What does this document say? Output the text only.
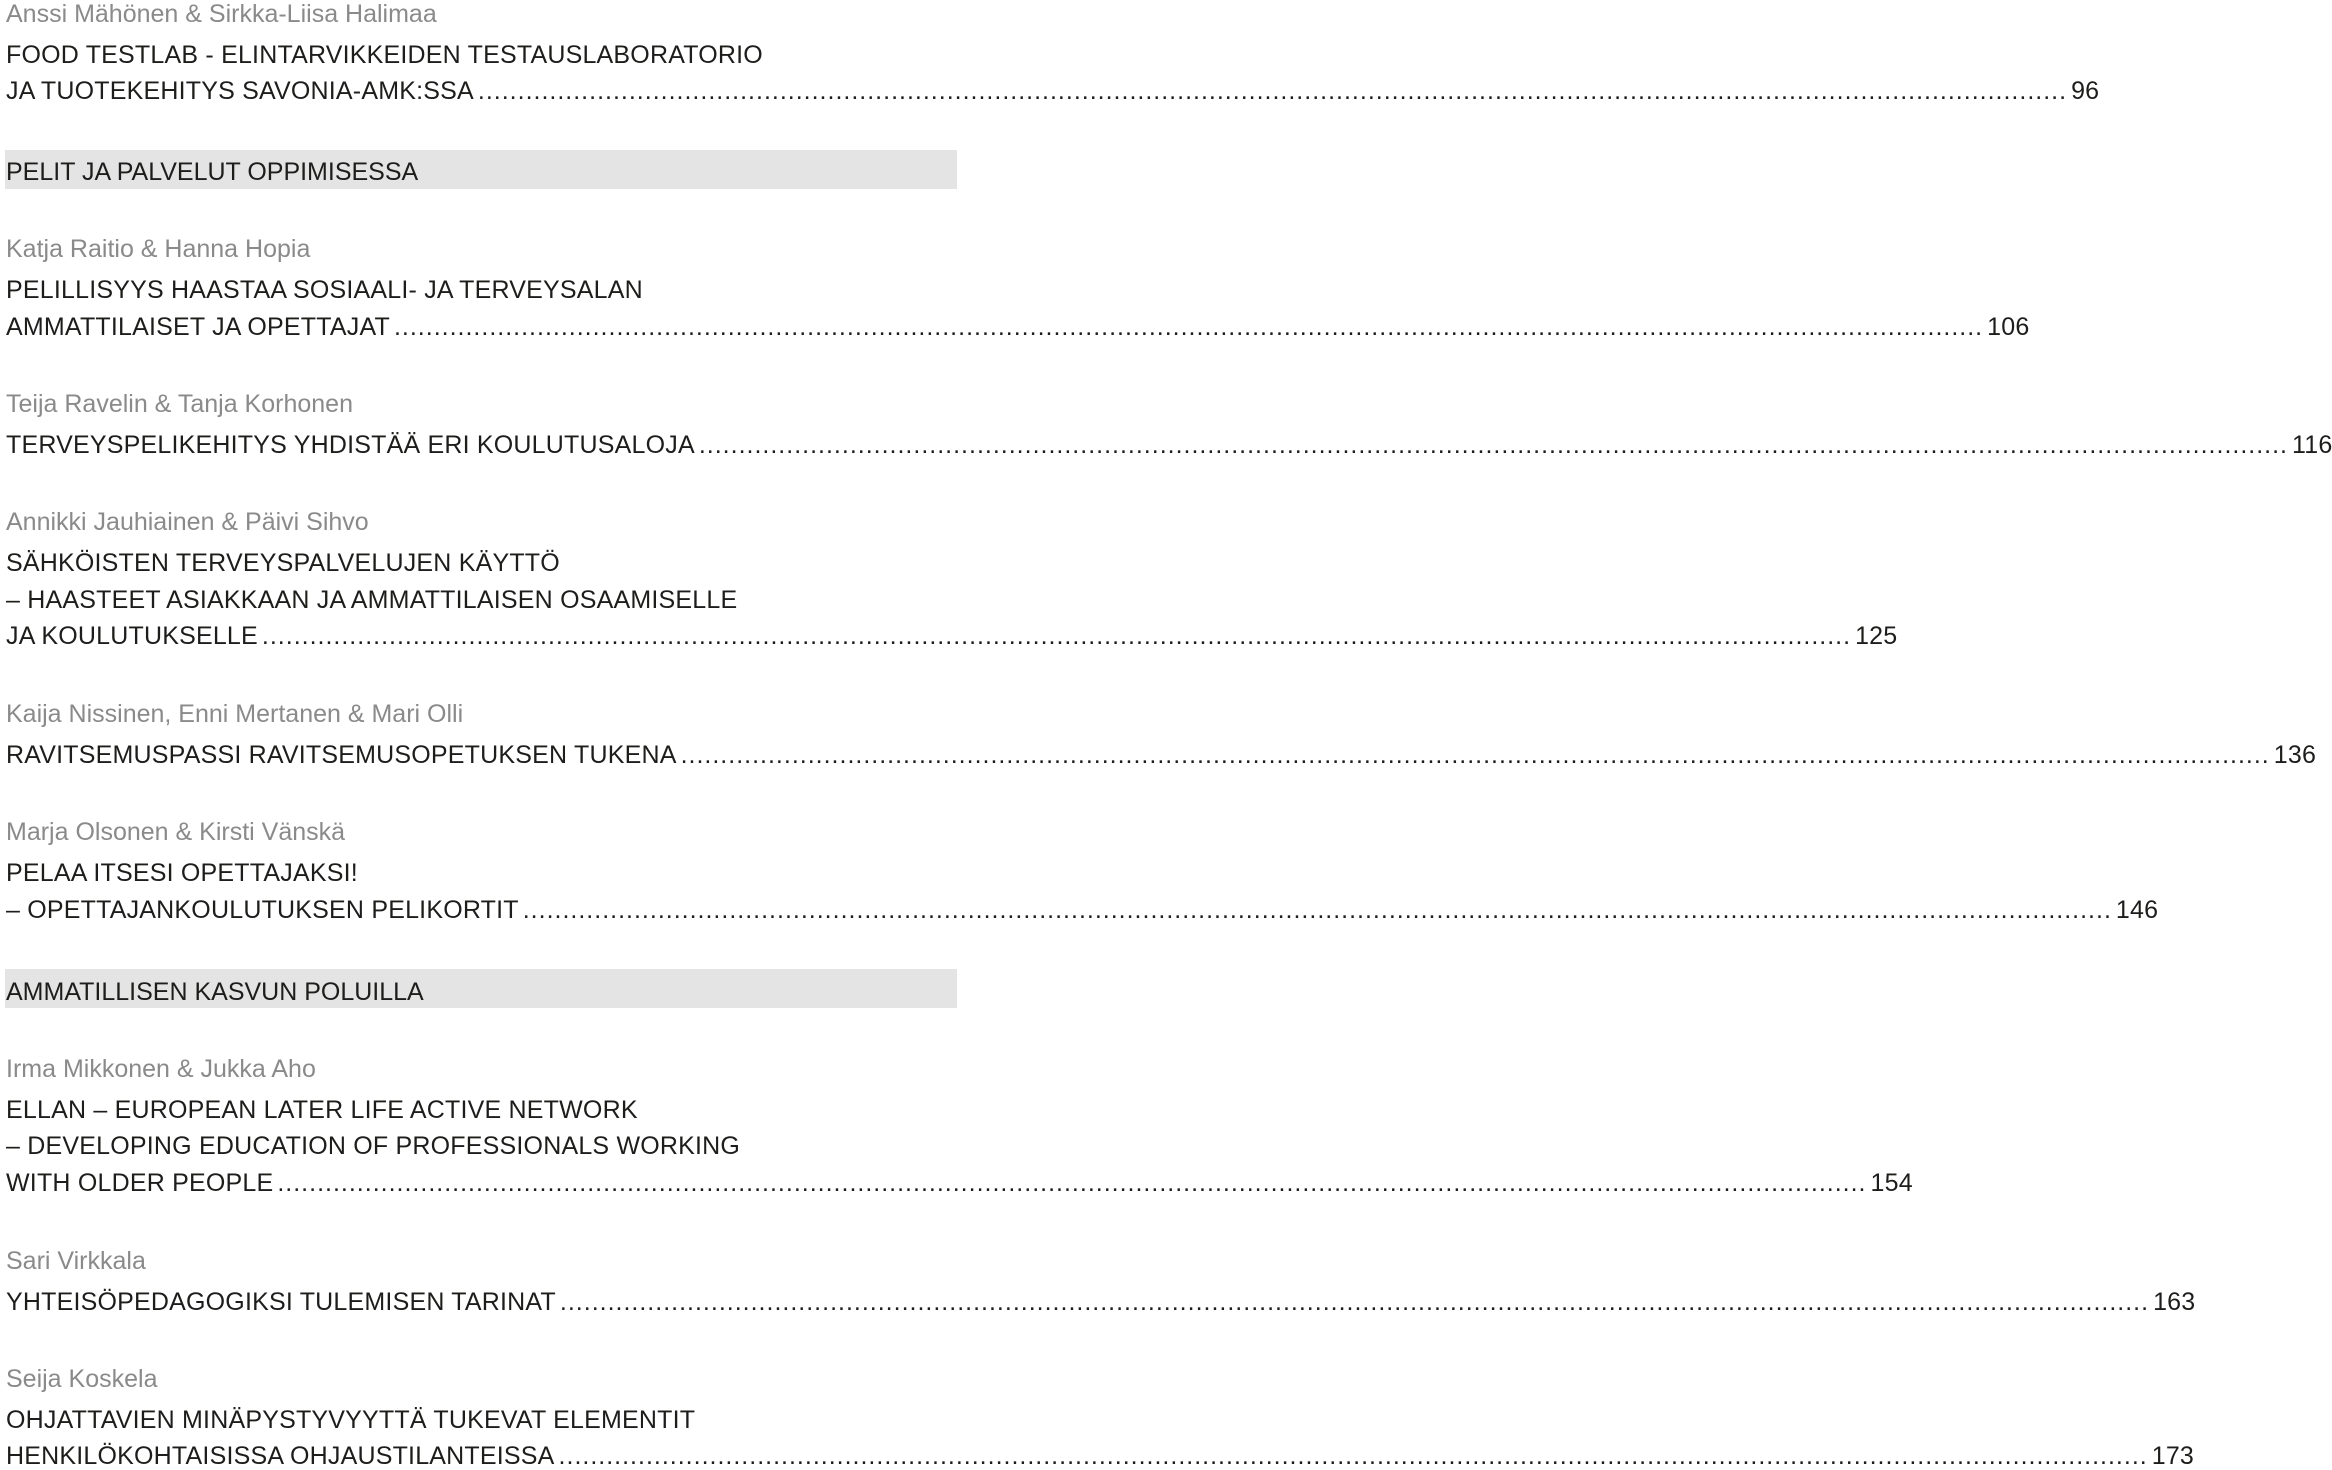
Anssi Mähönen & Sirkka-Liisa Halimaa
FOOD TESTLAB - ELINTARVIKKEIDEN TESTAUSLABORATORIO
JA TUOTEKEHITYS SAVONIA-AMK:SSA ........................................................................................................................................................................................................ 96
PELIT JA PALVELUT OPPIMISESSA
Katja Raitio & Hanna Hopia
PELILLISYYS HAASTAA SOSIAALI- JA TERVEYSALAN
AMMATTILAISET JA OPETTAJAT ........................................................................................................................................................................................................ 106
Teija Ravelin & Tanja Korhonen
TERVEYSPELIKEHITYS YHDISTÄÄ ERI KOULUTUSALOJA ........................................................................................................................................................................................................ 116
Annikki Jauhiainen & Päivi Sihvo
SÄHKÖISTEN TERVEYSPALVELUJEN KÄYTTÖ
– HAASTEET ASIAKKAAN JA AMMATTILAISEN OSAAMISELLE
JA KOULUTUKSELLE ........................................................................................................................................................................................................ 125
Kaija Nissinen, Enni Mertanen & Mari Olli
RAVITSEMUSPASSI RAVITSEMUSOPETUKSEN TUKENA ........................................................................................................................................................................................................ 136
Marja Olsonen & Kirsti Vänskä
PELAA ITSESI OPETTAJAKSI!
– OPETTAJANKOULUTUKSEN PELIKORTIT ........................................................................................................................................................................................................ 146
AMMATILLISEN KASVUN POLUILLA
Irma Mikkonen & Jukka Aho
ELLAN – EUROPEAN LATER LIFE ACTIVE NETWORK
– DEVELOPING EDUCATION OF PROFESSIONALS WORKING
WITH OLDER PEOPLE ........................................................................................................................................................................................................ 154
Sari Virkkala
YHTEISÖPEDAGOGIKSI TULEMISEN TARINAT ........................................................................................................................................................................................................ 163
Seija Koskela
OHJATTAVIEN MINÄPYSTYVYYTTÄ TUKEVAT ELEMENTIT
HENKILÖKOHTAISISSA OHJAUSTILANTEISSA ........................................................................................................................................................................................................ 173
